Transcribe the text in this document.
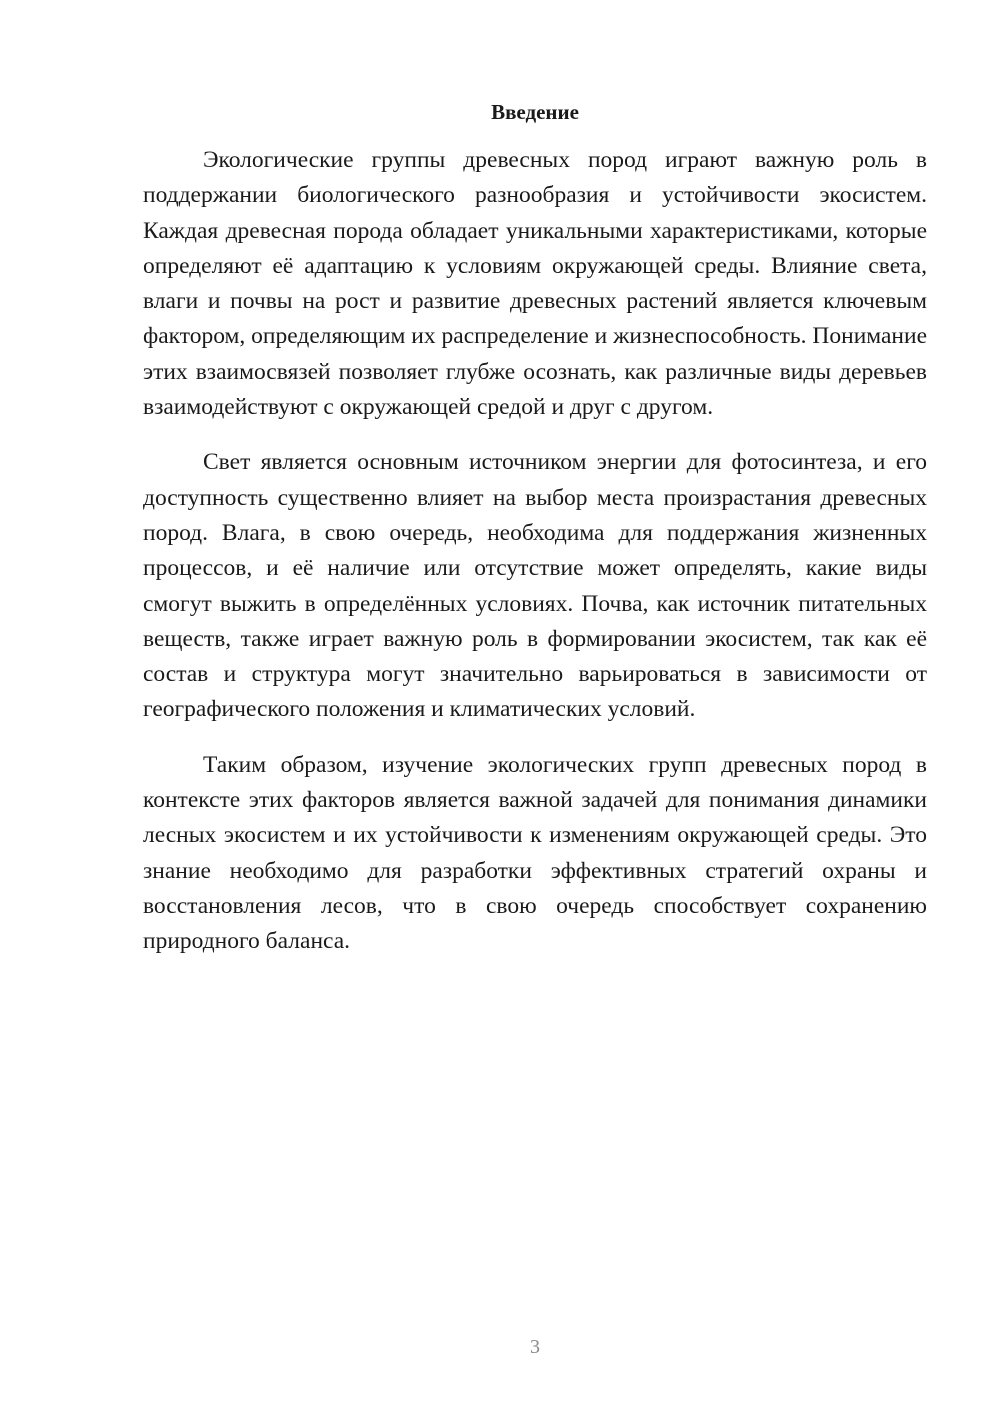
Введение

Экологические группы древесных пород играют важную роль в поддержании биологического разнообразия и устойчивости экосистем. Каждая древесная порода обладает уникальными характеристиками, которые определяют её адаптацию к условиям окружающей среды. Влияние света, влаги и почвы на рост и развитие древесных растений является ключевым фактором, определяющим их распределение и жизнеспособность. Понимание этих взаимосвязей позволяет глубже осознать, как различные виды деревьев взаимодействуют с окружающей средой и друг с другом.

Свет является основным источником энергии для фотосинтеза, и его доступность существенно влияет на выбор места произрастания древесных пород. Влага, в свою очередь, необходима для поддержания жизненных процессов, и её наличие или отсутствие может определять, какие виды смогут выжить в определённых условиях. Почва, как источник питательных веществ, также играет важную роль в формировании экосистем, так как её состав и структура могут значительно варьироваться в зависимости от географического положения и климатических условий.

Таким образом, изучение экологических групп древесных пород в контексте этих факторов является важной задачей для понимания динамики лесных экосистем и их устойчивости к изменениям окружающей среды. Это знание необходимо для разработки эффективных стратегий охраны и восстановления лесов, что в свою очередь способствует сохранению природного баланса.

3
